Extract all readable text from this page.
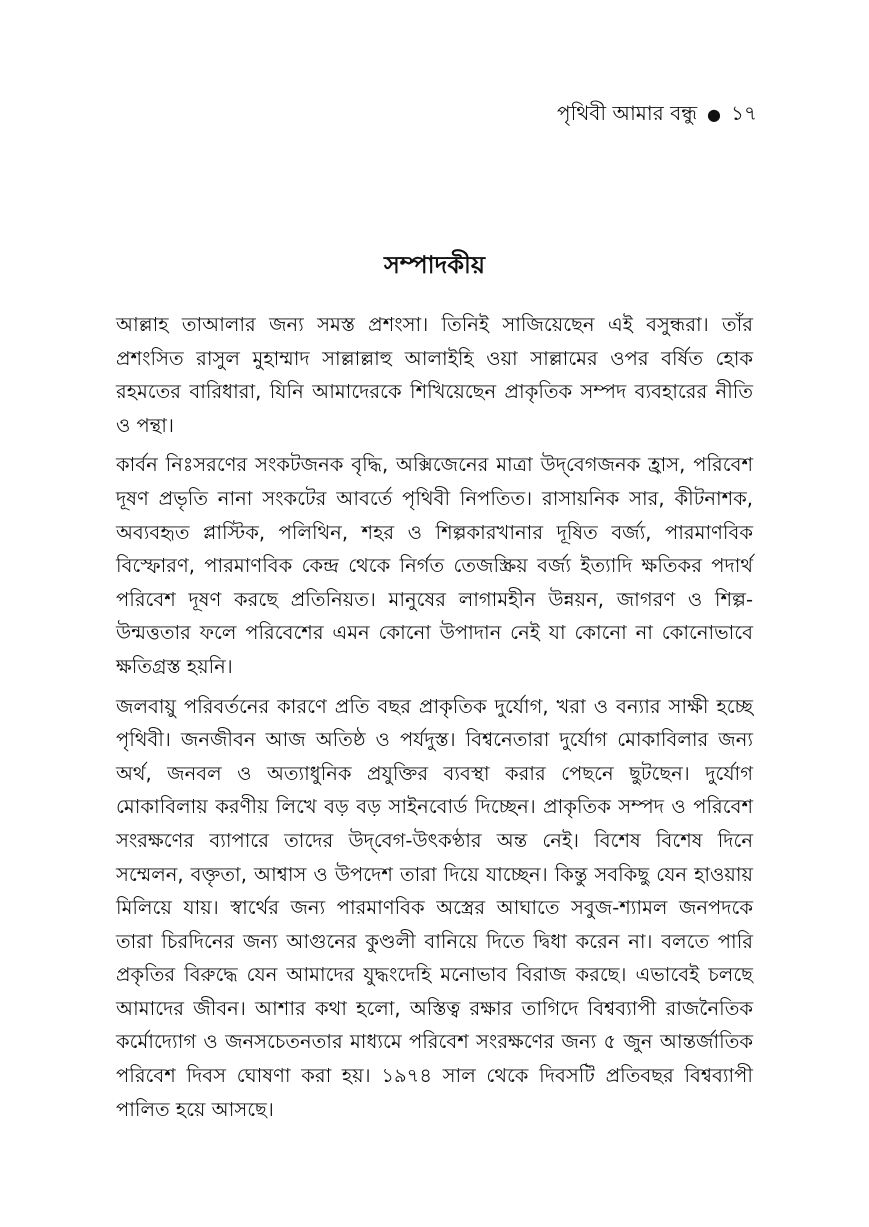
পৃথিবী আমার বন্ধু ● ১৭
সম্পাদকীয়

আল্লাহ তাআলার জন্য সমস্ত প্রশংসা। তিনিই সাজিয়েছেন এই বসুন্ধরা। তাঁর প্রশংসিত রাসুল মুহাম্মাদ সাল্লাল্লাহু আলাইহি ওয়া সাল্লামের ওপর বর্ষিত হোক রহমতের বারিধারা, যিনি আমাদেরকে শিখিয়েছেন প্রাকৃতিক সম্পদ ব্যবহারের নীতি ও পন্থা।

কার্বন নিঃসরণের সংকটজনক বৃদ্ধি, অক্সিজেনের মাত্রা উদ্‌বেগজনক হ্রাস, পরিবেশ দূষণ প্রভৃতি নানা সংকটের আবর্তে পৃথিবী নিপতিত। রাসায়নিক সার, কীটনাশক, অব্যবহৃত প্লাস্টিক, পলিথিন, শহর ও শিল্পকারখানার দূষিত বর্জ্য, পারমাণবিক বিস্ফোরণ, পারমাণবিক কেন্দ্র থেকে নির্গত তেজস্ক্রিয় বর্জ্য ইত্যাদি ক্ষতিকর পদার্থ পরিবেশ দূষণ করছে প্রতিনিয়ত। মানুষের লাগামহীন উন্নয়ন, জাগরণ ও শিল্প-উন্মত্ততার ফলে পরিবেশের এমন কোনো উপাদান নেই যা কোনো না কোনোভাবে ক্ষতিগ্রস্ত হয়নি।

জলবায়ু পরিবর্তনের কারণে প্রতি বছর প্রাকৃতিক দুর্যোগ, খরা ও বন্যার সাক্ষী হচ্ছে পৃথিবী। জনজীবন আজ অতিষ্ঠ ও পর্যদুস্ত। বিশ্বনেতারা দুর্যোগ মোকাবিলার জন্য অর্থ, জনবল ও অত্যাধুনিক প্রযুক্তির ব্যবস্থা করার পেছনে ছুটছেন। দুর্যোগ মোকাবিলায় করণীয় লিখে বড় বড় সাইনবোর্ড দিচ্ছেন। প্রাকৃতিক সম্পদ ও পরিবেশ সংরক্ষণের ব্যাপারে তাদের উদ্‌বেগ-উৎকণ্ঠার অন্ত নেই। বিশেষ বিশেষ দিনে সম্মেলন, বক্তৃতা, আশ্বাস ও উপদেশ তারা দিয়ে যাচ্ছেন। কিন্তু সবকিছু যেন হাওয়ায় মিলিয়ে যায়। স্বার্থের জন্য পারমাণবিক অস্ত্রের আঘাতে সবুজ-শ্যামল জনপদকে তারা চিরদিনের জন্য আগুনের কুণ্ডলী বানিয়ে দিতে দ্বিধা করেন না। বলতে পারি প্রকৃতির বিরুদ্ধে যেন আমাদের যুদ্ধংদেহি মনোভাব বিরাজ করছে। এভাবেই চলছে আমাদের জীবন। আশার কথা হলো, অস্তিত্ব রক্ষার তাগিদে বিশ্বব্যাপী রাজনৈতিক কর্মোদ্যোগ ও জনসচেতনতার মাধ্যমে পরিবেশ সংরক্ষণের জন্য ৫ জুন আন্তর্জাতিক পরিবেশ দিবস ঘোষণা করা হয়। ১৯৭৪ সাল থেকে দিবসটি প্রতিবছর বিশ্বব্যাপী পালিত হয়ে আসছে।
